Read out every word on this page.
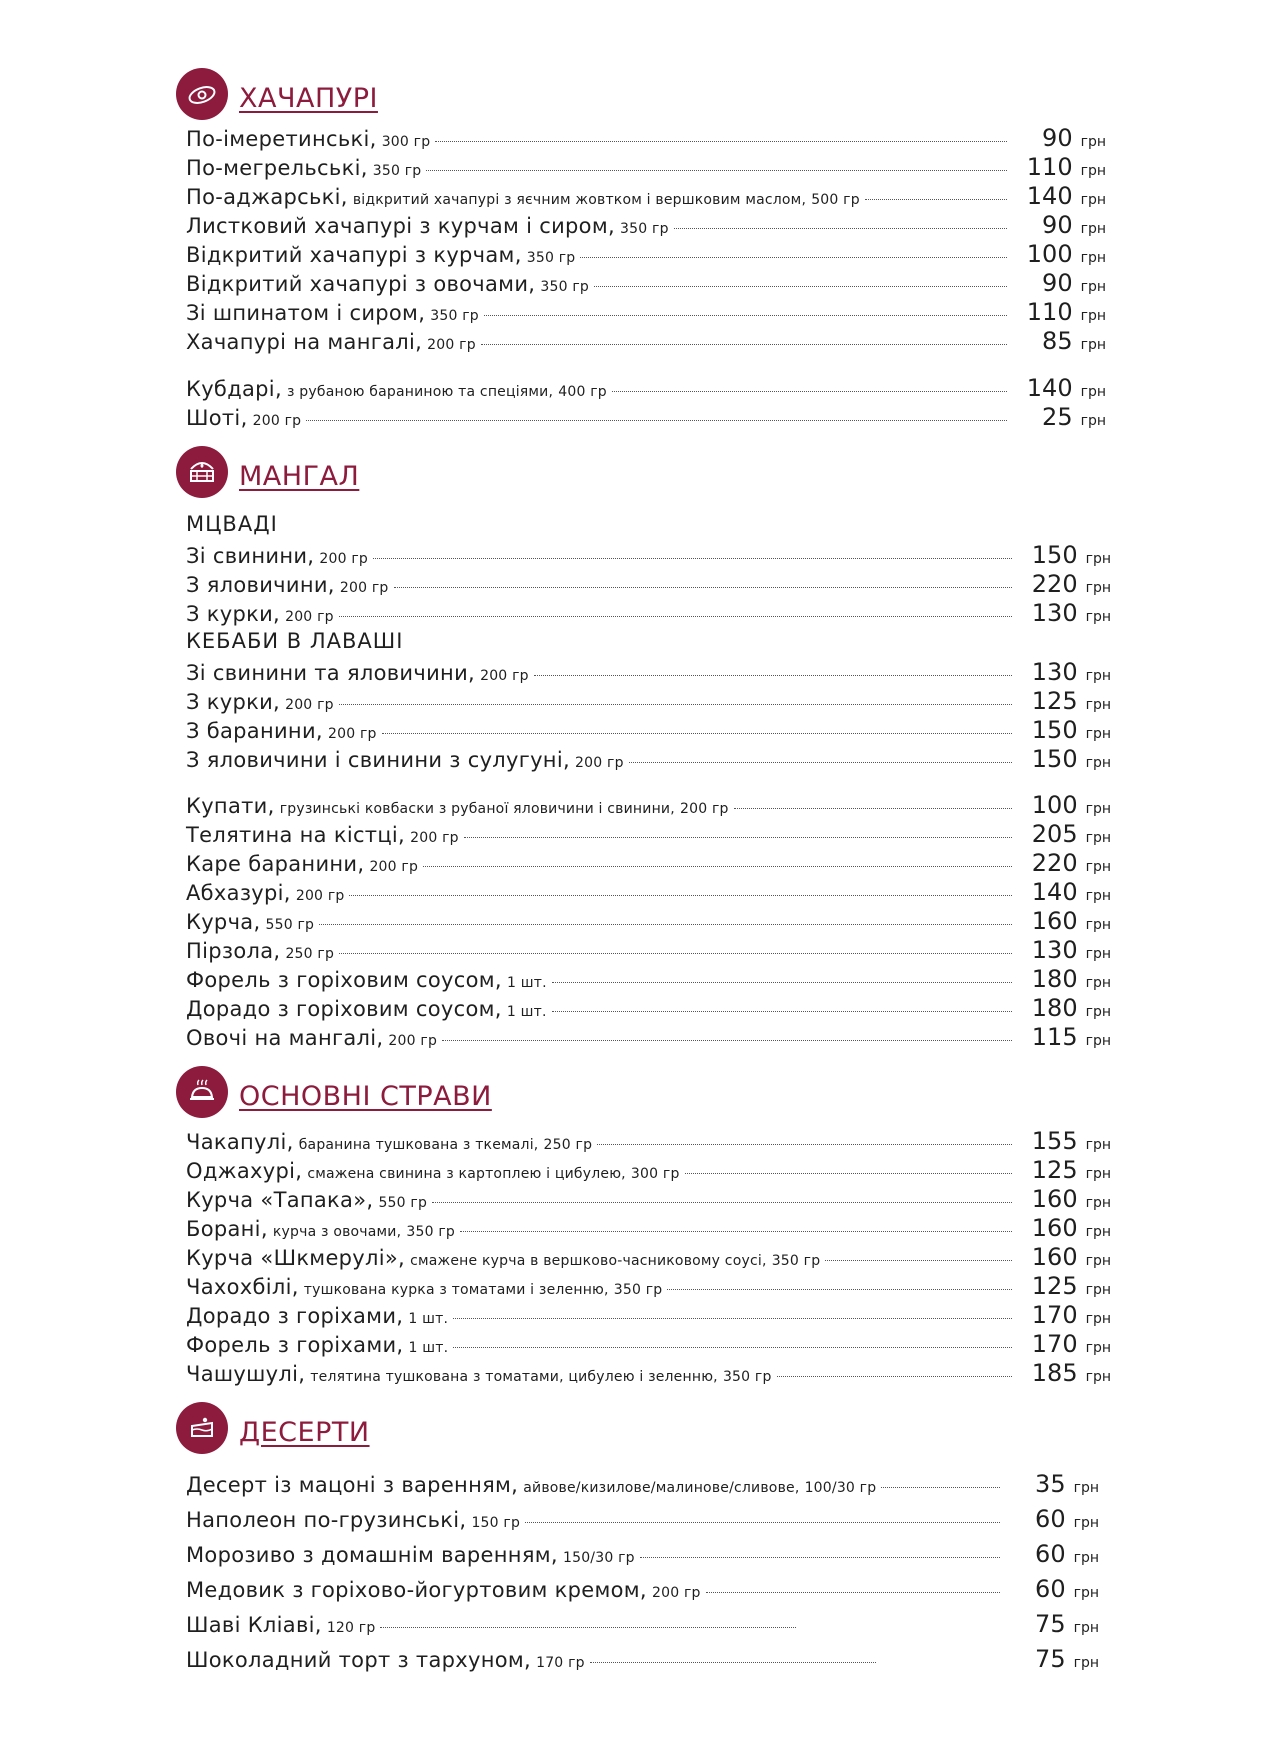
ХАЧАПУРІ
По-імеретинські,
300 гр	90 грн
По-мегрельські,
350 гр	110 грн
По-аджарські,
відкритий хачапурі з яєчним жовтком і вершковим маслом,
500 гр	140 грн
Листковий хачапурі з курчам і сиром,
350 гр	90 грн
Відкритий хачапурі з курчам,
350 гр	100 грн
Відкритий хачапурі з овочами,
350 гр	90 грн
Зі шпинатом і сиром,
350 гр	110 грн
Хачапурі на мангалі,
200 гр	85 грн
Кубдарі,
з рубаною бараниною та спеціями,
400 гр	140 грн
Шоті,
200 гр	25 грн
МАНГАЛ
МЦВАДІ
Зі свинини,
200 гр	150 грн
З яловичини,
200 гр	220 грн
З курки,
200 гр	130 грн
КЕБАБИ В ЛАВАШІ
Зі свинини та яловичини,
200 гр	130 грн
З курки,
200 гр	125 грн
З баранини,
200 гр	150 грн
З яловичини і свинини з сулугуні,
200 гр	150 грн
Купати,
грузинські ковбаски з рубаної яловичини і свинини,
200 гр	100 грн
Телятина на кістці,
200 гр	205 грн
Каре баранини,
200 гр	220 грн
Абхазурі,
200 гр	140 грн
Курча,
550 гр	160 грн
Пірзола,
250 гр	130 грн
Форель з горіховим соусом,
1 шт.	180 грн
Дорадо з горіховим соусом,
1 шт.	180 грн
Овочі на мангалі,
200 гр	115 грн
ОСНОВНІ СТРАВИ
Чакапулі,
баранина тушкована з ткемалі,
250 гр	155 грн
Оджахурі,
смажена свинина з картоплею і цибулею,
300 гр	125 грн
Курча «Тапака»,
550 гр	160 грн
Борані,
курча з овочами,
350 гр	160 грн
Курча «Шкмерулі»,
смажене курча в вершково-часниковому соусі,
350 гр	160 грн
Чахохбілі,
тушкована курка з томатами і зеленню,
350 гр	125 грн
Дорадо з горіхами,
1 шт.	170 грн
Форель з горіхами,
1 шт.	170 грн
Чашушулі,
телятина тушкована з томатами, цибулею і зеленню,
350 гр	185 грн
ДЕСЕРТИ
Десерт із мацоні з варенням,
айвове/кизилове/малинове/сливове,
100/30 гр	35 грн
Наполеон по-грузинські,
150 гр	60 грн
Морозиво з домашнім варенням,
150/30 гр	60 грн
Медовик з горіхово-йогуртовим кремом,
200 гр	60 грн
Шаві Кліаві,
120 гр	75 грн
Шоколадний торт з тархуном,
170 гр	75 грн
